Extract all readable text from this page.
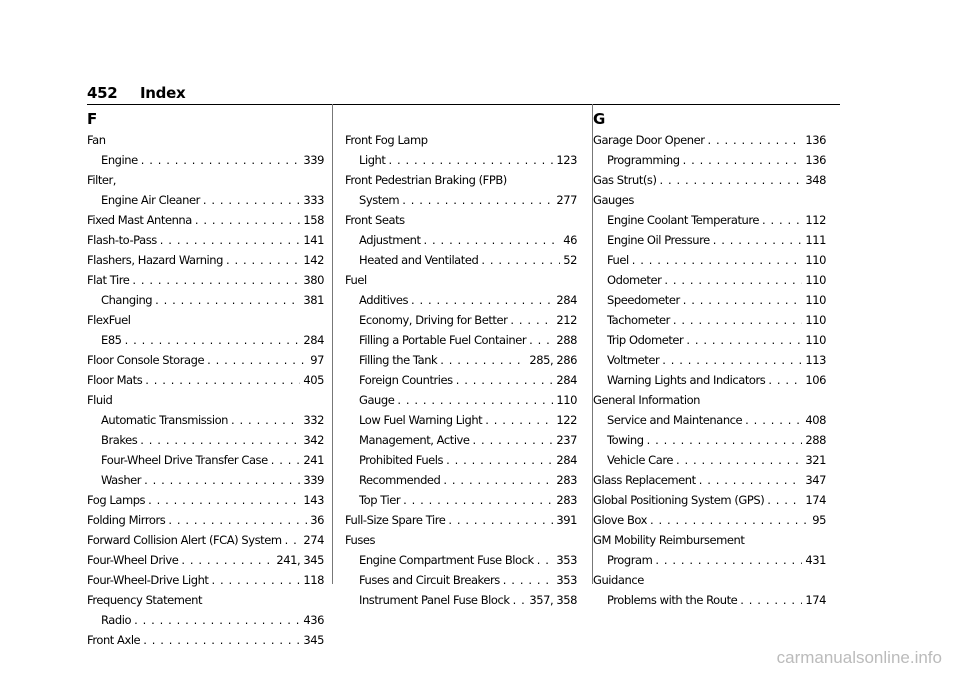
452 Index
F
Fan
Engine . . .	339
Filter,
Engine Air Cleaner . . .	333
Fixed Mast Antenna . . .	158
Flash-to-Pass . . .	141
Flashers, Hazard Warning . . .	142
Flat Tire . . .	380
Changing . . .	381
FlexFuel
E85 . . .	284
Floor Console Storage . . .	97
Floor Mats . . .	405
Fluid
Automatic Transmission . . .	332
Brakes . . .	342
Four-Wheel Drive Transfer Case . . .	241
Washer . . .	339
Fog Lamps . . .	143
Folding Mirrors . . .	36
Forward Collision Alert (FCA) System . . . 274
Four-Wheel Drive . . .	241, 345
Four-Wheel-Drive Light . . .	118
Frequency Statement
Radio . . .	436
Front Axle . . .	345
Front Fog Lamp
Light . . .	123
Front Pedestrian Braking (FPB)
System . . .	277
Front Seats
Adjustment . . .	46
Heated and Ventilated . . .	52
Fuel
Additives . . .	284
Economy, Driving for Better . . .	212
Filling a Portable Fuel Container . . .	288
Filling the Tank . . .	285, 286
Foreign Countries . . .	284
Gauge . . .	110
Low Fuel Warning Light . . .	122
Management, Active . . .	237
Prohibited Fuels . . .	284
Recommended . . .	283
Top Tier . . .	283
Full-Size Spare Tire . . .	391
Fuses
Engine Compartment Fuse Block . . . 353
Fuses and Circuit Breakers . . .	353
Instrument Panel Fuse Block . . . 357, 358
G
Garage Door Opener . . .	136
Programming . . .	136
Gas Strut(s) . . .	348
Gauges
Engine Coolant Temperature . . .	112
Engine Oil Pressure . . .	111
Fuel . . .	110
Odometer . . .	110
Speedometer . . .	110
Tachometer . . .	110
Trip Odometer . . .	110
Voltmeter . . .	113
Warning Lights and Indicators . . .	106
General Information
Service and Maintenance . . .	408
Towing . . .	288
Vehicle Care . . .	321
Glass Replacement . . .	347
Global Positioning System (GPS) . . .	174
Glove Box . . .	95
GM Mobility Reimbursement
Program . . .	431
Guidance
Problems with the Route . . .	174
carmanualsonline.info
